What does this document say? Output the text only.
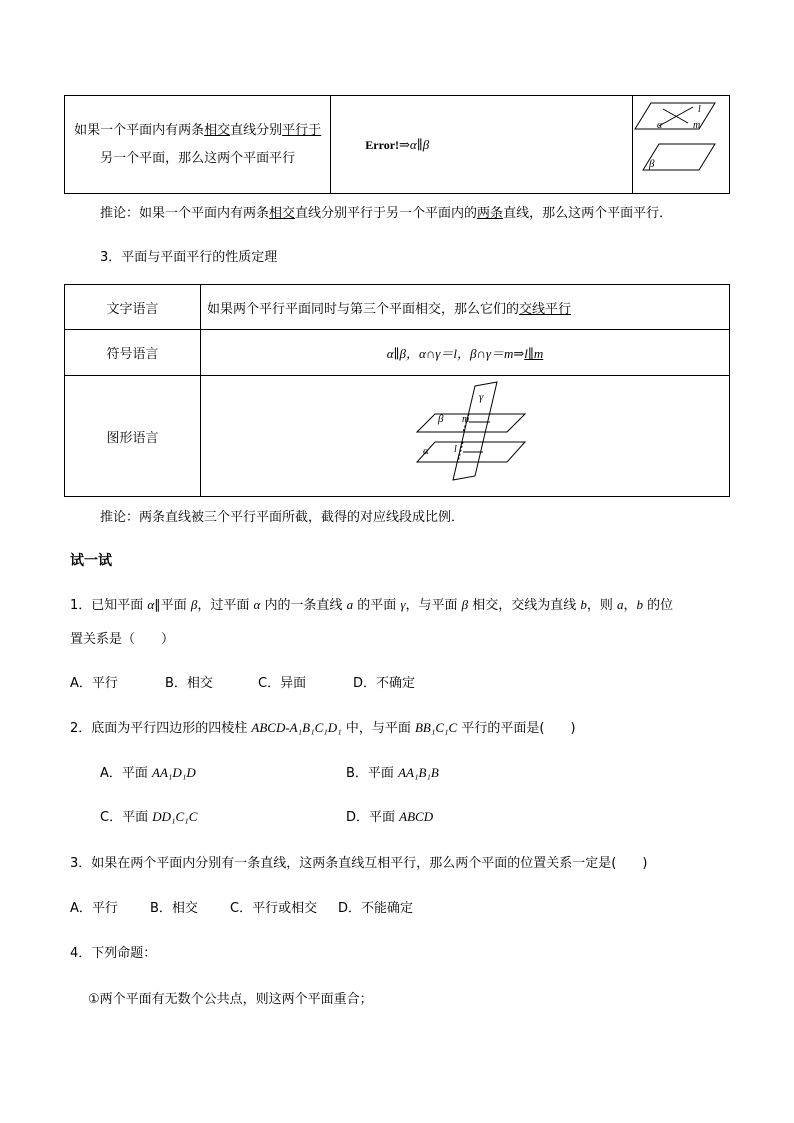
如果一个平面内有两条相交直线分别平行于
另一个平面，那么这两个平面平行
	Error!⇒α∥β	
α
l
m
β
推论：如果一个平面内有两条相交直线分别平行于另一个平面内的两条直线，那么这两个平面平行．
3．平面与平面平行的性质定理
文字语言	如果两个平行平面同时与第三个平面相交，那么它们的交线平行
符号语言	α∥β，α∩γ＝l，β∩γ＝m⇒l∥m
图形语言	γ
β m
α l
推论：两条直线被三个平行平面所截，截得的对应线段成比例．
试一试
1．已知平面 α∥平面 β，过平面 α 内的一条直线 a 的平面 γ，与平面 β 相交，交线为直线 b，则 a，b 的位
置关系是（　　）
A．平行	B．相交	C．异面	D．不确定
2．底面为平行四边形的四棱柱 ABCD-A₁B₁C₁D₁ 中，与平面 BB₁C₁C 平行的平面是(　　)
A．平面 AA₁D₁D	B．平面 AA₁B₁B
C．平面 DD₁C₁C	D．平面 ABCD
3．如果在两个平面内分别有一条直线，这两条直线互相平行，那么两个平面的位置关系一定是(　　)
A．平行 B．相交 C．平行或相交 D．不能确定
4．下列命题：
①两个平面有无数个公共点，则这两个平面重合；
